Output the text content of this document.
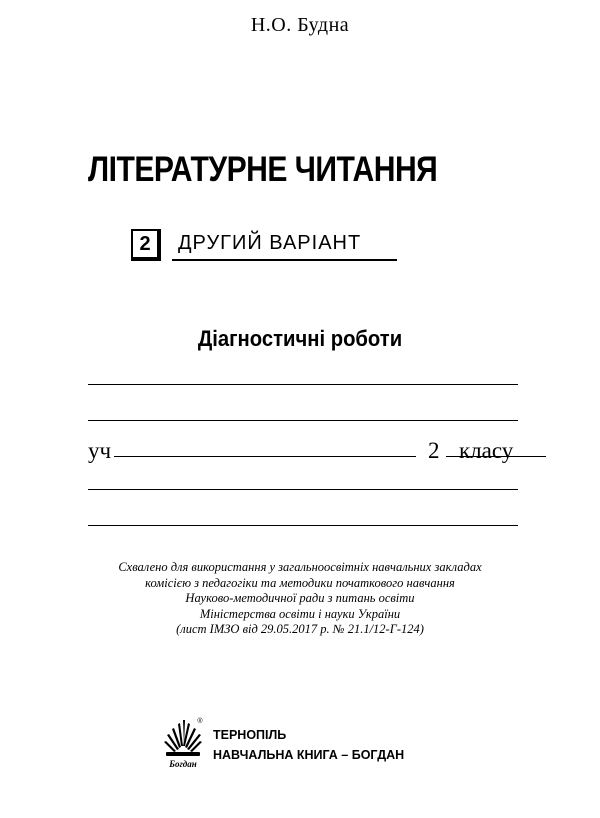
Н.О. Будна
ЛІТЕРАТУРНЕ ЧИТАННЯ
2	ДРУГИЙ ВАРІАНТ
Діагностичні роботи
уч	2 класу
Схвалено для використання у загальноосвітніх навчальних закладах
комісією з педагогіки та методики початкового навчання
Науково-методичної ради з питань освіти
Міністерства освіти і науки України
(лист ІМЗО від 29.05.2017 р. № 21.1/12-Г-124)
Богдан
®
ТЕРНОПІЛЬ
НАВЧАЛЬНА КНИГА – БОГДАН
